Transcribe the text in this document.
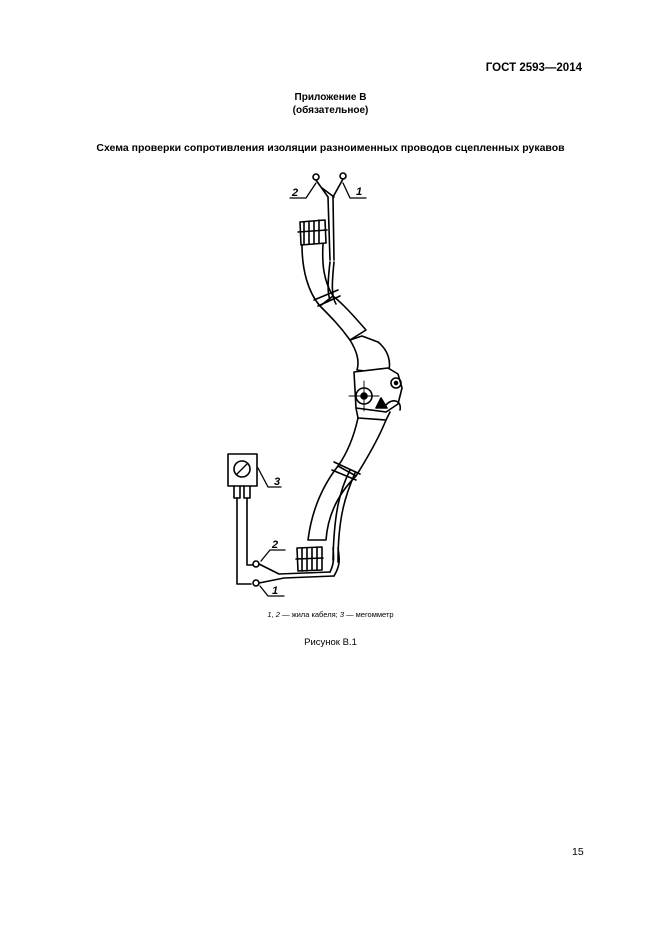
ГОСТ 2593—2014
Приложение В
(обязательное)
Схема проверки сопротивления изоляции разноименных проводов сцепленных рукавов
2	1
3
2
1
1, 2 — жила кабеля; 3 — мегомметр
Рисунок В.1
15
